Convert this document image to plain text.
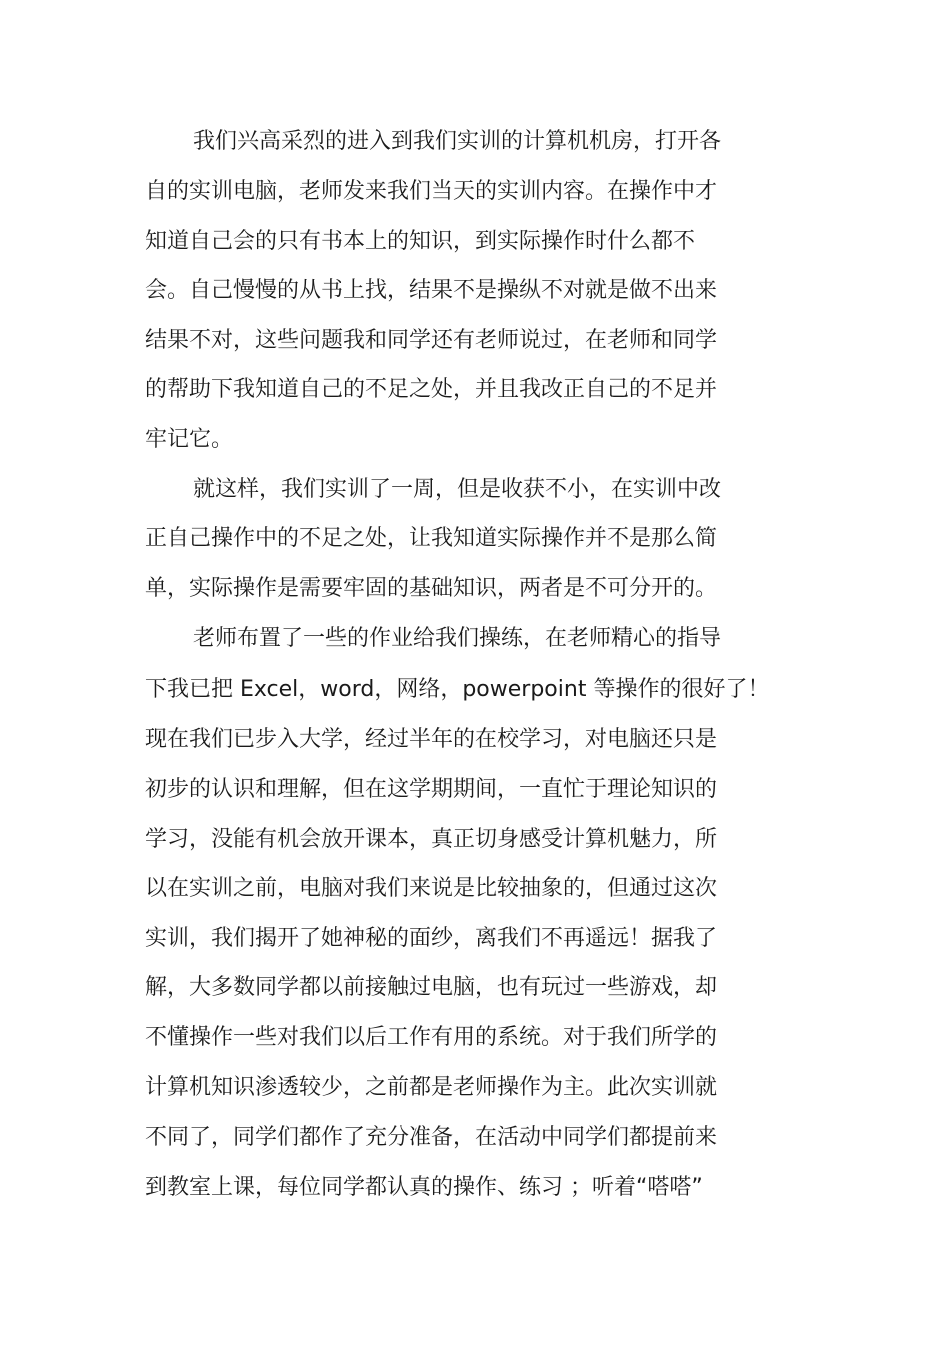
我们兴高采烈的进入到我们实训的计算机机房，打开各

自的实训电脑，老师发来我们当天的实训内容。在操作中才

知道自己会的只有书本上的知识，到实际操作时什么都不

会。自己慢慢的从书上找，结果不是操纵不对就是做不出来

结果不对，这些问题我和同学还有老师说过，在老师和同学

的帮助下我知道自己的不足之处，并且我改正自己的不足并

牢记它。

就这样，我们实训了一周，但是收获不小，在实训中改

正自己操作中的不足之处，让我知道实际操作并不是那么简

单，实际操作是需要牢固的基础知识，两者是不可分开的。

老师布置了一些的作业给我们操练，在老师精心的指导

下我已把 Excel，word，网络，powerpoint 等操作的很好了！

现在我们已步入大学，经过半年的在校学习，对电脑还只是

初步的认识和理解，但在这学期期间，一直忙于理论知识的

学习，没能有机会放开课本，真正切身感受计算机魅力，所

以在实训之前，电脑对我们来说是比较抽象的，但通过这次

实训，我们揭开了她神秘的面纱，离我们不再遥远！据我了

解，大多数同学都以前接触过电脑，也有玩过一些游戏，却

不懂操作一些对我们以后工作有用的系统。对于我们所学的

计算机知识渗透较少，之前都是老师操作为主。此次实训就

不同了，同学们都作了充分准备，在活动中同学们都提前来

到教室上课，每位同学都认真的操作、练习 ；听着“嗒嗒”
